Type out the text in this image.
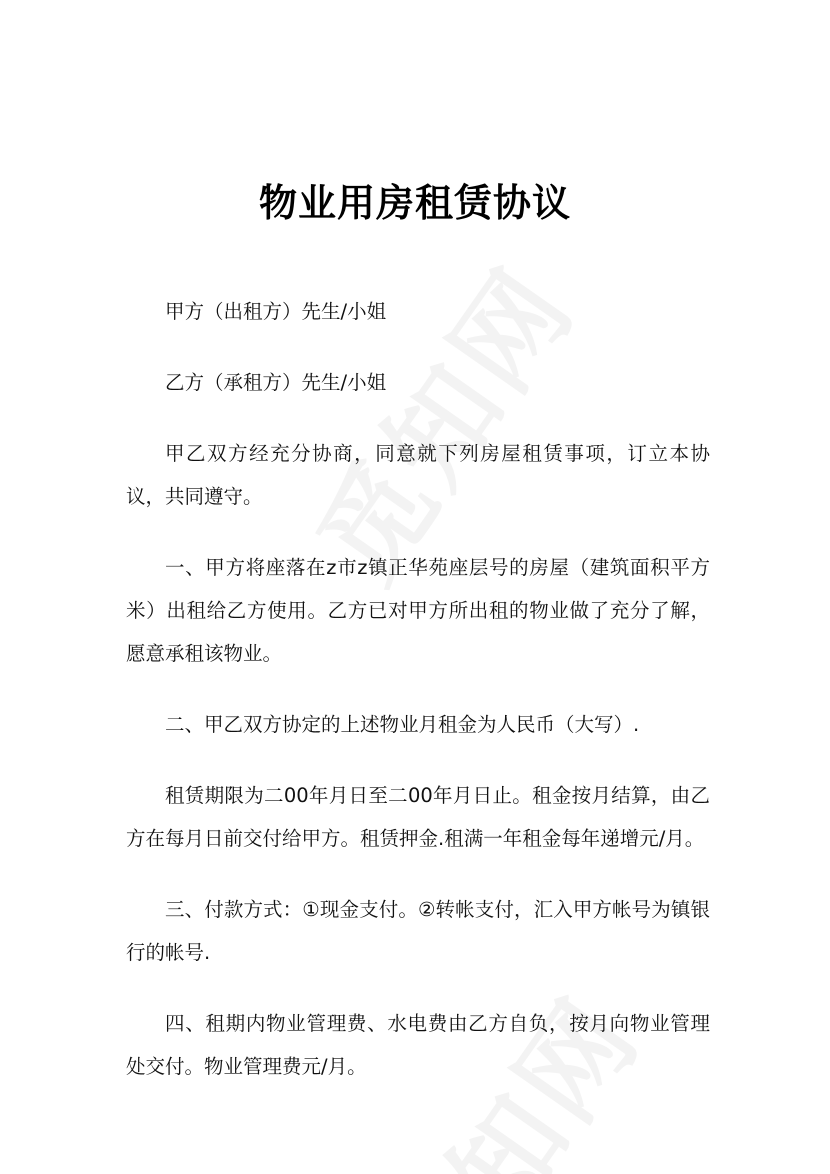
物业用房租赁协议

甲方（出租方）先生/小姐

乙方（承租方）先生/小姐

甲乙双方经充分协商，同意就下列房屋租赁事项，订立本协议，共同遵守。

一、甲方将座落在z市z镇正华苑座层号的房屋（建筑面积平方米）出租给乙方使用。乙方已对甲方所出租的物业做了充分了解，愿意承租该物业。

二、甲乙双方协定的上述物业月租金为人民币（大写）.

租赁期限为二00年月日至二00年月日止。租金按月结算，由乙方在每月日前交付给甲方。租赁押金.租满一年租金每年递增元/月。

三、付款方式：①现金支付。②转帐支付，汇入甲方帐号为镇银行的帐号.

四、租期内物业管理费、水电费由乙方自负，按月向物业管理处交付。物业管理费元/月。
